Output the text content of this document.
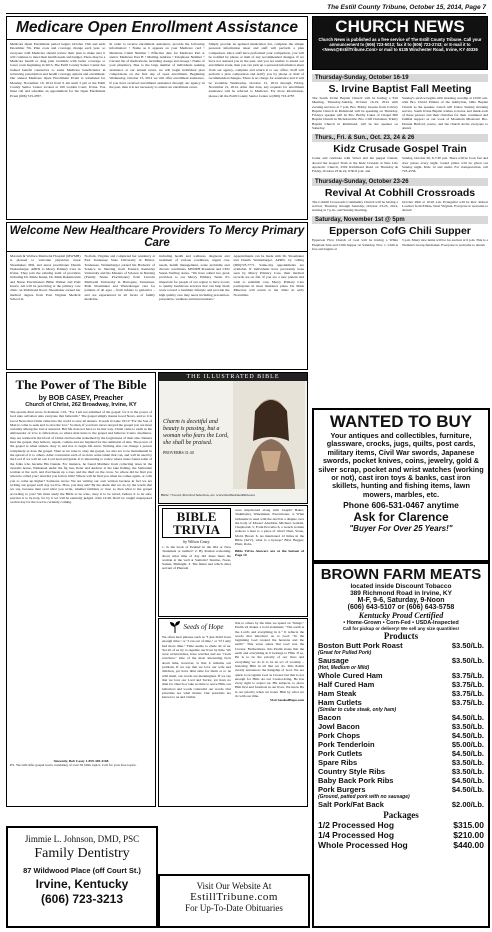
The Estill County Tribune, October 15, 2014, Page 7
Medicare Open Enrollment Assistance
Medicare Open Enrollment period begins October 15th and ends December 7th. Plan costs and coverage change each year, so everyone with Medicare should review their plan to make sure it will continue to meet their health needs and budget. There may be a Medicare health or drug plan available with better coverage or lower costs beginning in 2015. The Estill County Senior Center has trained benefit counselors to assist Medicare beneficiaries in reviewing prescription and health coverage options and enrollment. Our annual Medicare Open Enrollment Event is scheduled for Monday, November 10, 2014 from 9 am until 3 pm at the Estill County Senior Center located at 100 Golden Court, Irvine. You must call and schedule an appointment for the Open Enrollment Event (606) 723-4787.
In order to receive enrollment assistance, provide the following information: • Name as it appears on your Medicare card • Medicare Claim Number • Effective date for Medicare Part A and/or Medicare Part B • Mailing Address • Telephone Number • Current list of medications, including dosage and dosage • Name of your pharmacy. Due to the large number of individuals seeking assistance at our annual event, we will begin individual plan comparisons on the first day of open enrollment. Beginning Wednesday, October 15, 2014 we will offer enrollment assistance. If you have received enrollment assistance through our agency in the past, then it is not necessary to attend our enrollment event.
Simply provide an updated medication list, complete the simple personal information sheet and staff will perform a plan comparison. Once staff have performed your comparison, you will be notified by phone or mail of any recommended changes. If we have not assisted you in the past, and you are unable to attend our enrollment event, then you can pick up a personal information sheet from our agency, complete and return it to our office. Staff will perform a plan comparison and notify you by phone or mail of recommended changes. There is no charge for assistance and it will be available Wednesday, October 15, 2014 through Friday, November 21, 2014. After that date, any requests for enrollment assistance will be referred to Medicare. For more information, please call the Estill County Senior Center at (606) 723-4787.
Welcome New Healthcare Providers To Mercy Primary Care
Marcum & Wallace Memorial Hospital (MWMH) is pleased to welcome physician Jonal Shoemaker, MD, and nurse practitioner Dustin Wattenbarger, APRN to Mercy Primary Care in Irvine. They join the existing team of providers including Dr. Marie Kunzi, Dr. Mark Rakamcanin and Nurse Practitioners Billie Walker and Patti Isaacs. All will be practicing at the primary care clinic on Richmond Road. Shoemaker earned her medical degree from East Virginia Medical School in
Norfolk, Virginia and completed her residency at East Tennessee State University in Bristol, Tennessee. Wattenbarger earned his Bachelor of Science in Nursing from Eastern Kentucky University and his Masters of Science in Nursing (Family Nurse Practitioner) from Lincoln Memorial University in Harrogate, Tennessee. Both Shoemaker and Wattenbarger care for patients of all ages – from infants to geriatrics – and are experienced in all facets of family medicine,
including health and wellness, diagnosis and treatment of various conditions, urgent care needs, health management, acute problems and chronic conditions. MWMH President and CEO Susan Starling states, "We have added two great providers to our Mercy Primary Team. It's important for people of our region to have access to quality healthcare services that can help them work toward a healthier lifestyle and provide the high quality care they need, including prevention, preventive, wellness and interventions."
Appointments can be made with Dr. Shoemaker and Dustin Wattenbarger, APRN, by calling (606)723-7771. Same-day appointments are available. If individuals have previously been seen by Mercy Primary Care, their medical records are on file. If you are a new patient and wish to establish care, Mercy Primary Care participates in most insurance plans. Dr. Mark Pilkerton will return to the clinic in early November.
The Power of The Bible
by BOB CASEY, Preacher
Church of Christ, 262 Broadway, Irvine, KY
The apostle Paul wrote in Romans 1:16, "For I am not ashamed of the gospel: for it is the power of God unto salvation unto everyone that believeth." The gospel simply means Good News, and so it is Good News that Christ came into the world to save all sinners. It reads in Luke 19:10 "For the Son of Man is come to seek and to save the lost." So then, if you have never obeyed the gospel you are most certainly among the lost or unsaved. But life does not have to be that way. Christ came to earth as the ambassador of love to fallen man, so where man turns to the gospel and believes it unto obedience, they are washed in the blood of Christ and become redeemed by the forgiveness of their sins. Sinners hear the gospel, they believe, repent, confess and are baptized for the remission of sins. The power of the gospel is when sinners obey it, and rise to begin life anew. Nothing else can change a person completely as does the gospel. Then as we raise to obey the gospel, we also are to be instrumental in the spread of it to others. After conversion each of us have some talent that can, and will be used by the Lord if we will let our Lord lead and guide. It is interesting to notice where Jesus found some of the folks who became His friends. For instance, he found Matthew from collecting taxes in the customs house, Nathanael under the fig tree, Peter and Andrew at the lake fishing, the Samaritan woman at the well, and Zacchaeus up a tree, and the thief on the cross. So where did he find you when he called you? And did you follow him? Where will he find you when he comes again, or calls you to come up higher? Someone wrote: We are writing our own version because in fact we are writing our gospel each day we live. How, you may ask? By the deeds that we do, by the words that we say, because men read what you write, whether faithless or true: so then what is the gospel according to you? We must study the Bible to be wise, obey it to be saved, believe it to be safe, practice it to be holy, for by it we will be eternally judged. John 12:48. Don't be caught unprepared on that day for the Lord is certainly coming.
Sincerely, Bob Casey 1-859-369-4168
P.S. We still offer gospel tracts consisting of over 50 bible topics. Call for your free topics.
THE ILLUSTRATED BIBLE
Charm is deceitful and beauty is passing, but a woman who fears the Lord, she shall be praised.
PROVERBS 31:30
Bible • Sword, Practical Selection, etc. www.theillustratedbible.net
BIBLE TRIVIA
by Wilson Casey
1. Is the book of Ezekiel in the Old or New Testament or neither? 2. By Roman reckoning, about what time of day did Jesus meet the woman at the well at Samaria? Sunrise, Noon, Sunset, Midnight. 3. The father and which other servant of Pharaoh
were imprisoned along with Joseph? Baker, Taskmaster, Winemaker, Executioner. 4. What nickname is used with the devil in a dispute over the body of Moses? Abaddon, Michael, Gabriel, Chephorah. 5. From Proverbs 6, a wench woman reduces a man to a piece of what? Dust, Stone, Mold, Bread. 6. As mentioned 12 times in the Bible (KJV), what is a hyssop? Bird, Beggar, Plant, Robe.
Bible Trivia Answers are at the bottom of Page 10
Seeds of Hope
We often hear phrases such as "I just didn't have enough time," or "I ran out of time," or "If I only had more time." Time seems to elude all of us. Yet all of us try to regulate our lives by time. We wear wristwatches, have watches and are "clock watchers." One of the most interesting facts about time, however, is that it remains our problem. If we say that we love our wife and children, yet have little time for them or to be with them, our words are meaningless. If we say that we love our Lord and Savior, yet have no time for church or take no time to serve Him, our behaviors and words contradict our words. Our priorities are what matter. Our priorities are known to us and visible
ible to others by the time we spend on "things." Psalm 24 makes a bold statement: "The earth is the Lord's and everything in it." It reflects the words that introduce us to God: "In the beginning God created the heavens and the earth!" This verse states that God was the Creator. Furthermore, this Psalm states that the earth and everything in it belongs to Him. If so, He is to be the priority of our lives and everything we do is to be an act of worship – honoring Him in all that we do. This Psalm clearly announces the Kingship of God. We are quick to recognize God as Creator but that is not enough for Him. As our Creator-King, He has every right to expect us, His subjects, to place Him first and foremost in our lives. We know He is our priority when we honor Him by what we do with our time.
Visit SeedsofHope.com
Visit Our Website At
EstillTribune.com
For Up-To-Date Obituaries
Jimmie L. Johnson, DMD, PSC
Family Dentistry
87 Wildwood Place (off Court St.)
Irvine, Kentucky
(606) 723-3213
CHURCH NEWS
Church News is published as a free service of The Estill County Tribune. Call your announcement to (606) 723-5012; fax it to (606) 723-2743; or E-mail it to <News@EstillTribune.Com> or mail to 6135 Winchester Road, Irvine, KY 40336
Thursday-Sunday, October 16-19
S. Irvine Baptist Fall Meeting
The South Irvine Baptist Church will be having a Fall Meeting, Thursday-Sunday, October 16-19, 2014 with evening services at 7 p.m. Bro. Bobby Greene from Calvary Baptist Church in Richmond will be speaking on Thursday. Friday's speaker will be Bro. Bobby Lakes of Chapel Hill Baptist Church in Nicholasville. Bro. Cliff Chrisman, Trinity Baptist Church in Richmond, will be the speaker on Saturday.
Sunday's service begins with morning worship at 10:00 a.m. with Bro. David Pitman of the Ashbytton, Ohio Baptist Church as the speaker. Lunch will follow Sunday morning service. South Irvine Baptist wishes to honor and thank each of these pastors and their churches for their continued and faithful support as our work of Mountain Missions! Bro. Donnie Burford, pastor, and the church invite everyone to attend.
Thurs., Fri. & Sun., Oct. 23, 24 & 26
Kidz Crusade Gospel Train
Come and celebrate with Velori and his puppet friends, aboard the Gospel Train at the Kidz Crusade at New Life Apostolic Church, 2502 Richmond Road on Thursday & Friday, October 23 & 24, 6:30-8 p.m. and
Sunday, October 26, 6-7:30 p.m. There will be food, fun and door prizes every night. Grand prizes will be given out Sunday night. Kids 12 and under. For transportation, call 723-4558.
Thursday-Sunday, October 23-26
Revival At Cobhill Crossroads
The Cobhill Crossroads Community Church will be having a revival, Thursday through Saturday, October 23-25, 2014, starting at 7 p.m., and Sunday morning,
October 26th at 10:45 a.m. Evangelist will be Rev. Robert Lowther from Ellisia, West Virginia. Everyone is welcome to attend!
Saturday, November 1st @ 5pm
Epperson CofG Chili Supper
Epperson First Church of God will be having a White Elephant Sale and Chili Supper on Saturday, Nov. 1. Chili is free and begins at
5 p.m. Many nice items will be for auction at 6 p.m. This is a Women's Group fundraiser. Everyone is welcome to attend.
WANTED TO BUY
Your antiques and collectibles, furniture, glassware, crocks, jugs, quilts, post cards, military items, Civil War swords, Japanese swords, pocket knives, coins, jewelry, gold & silver scrap, pocket and wrist watches (working or not), cast iron toys & banks, cast iron skillets, hunting and fishing items, lawn mowers, marbles, etc.
Phone 606-531-0467 anytime
Ask for Clarence
"Buyer For Over 25 Years!"
BROWN FARM MEATS
located inside Discount Tobacco
389 Richmond Road in Irvine, KY
M-F, 9-6, Saturday, 9-Noon
(606) 643-5107 or (606) 643-5758
Kentucky Proud Certified
• Home-Grown • Corn-Fed • USDA-Inspected
Call for pickup or delivery! We sell any size quantities!
Products
Boston Butt Pork Roast	$3.50/Lb.
(Great for Pulled Pork)
Sausage	$3.50/Lb.
(Hot, Medium or Mild)
Whole Cured Ham	$3.75/Lb.
Half Cured Ham	$3.75/Lb.
Ham Steak	$3.75/Lb.
Ham Cutlets	$3.75/Lb.
(Similar to cube steak, only ham)
Bacon	$4.50/Lb.
Jowl Bacon	$3.50/Lb.
Pork Chops	$4.50/Lb.
Pork Tenderloin	$5.00/Lb.
Pork Cutlets	$4.50/Lb.
Spare Ribs	$3.50/Lb.
Country Style Ribs	$3.50/Lb.
Baby Back Pork Ribs	$4.50/Lb.
Pork Burgers	$4.50/Lb.
(Ground, patted pork with no sausage)
Salt Pork/Fat Back	$2.00/Lb.
Packages
1/2 Processed Hog	$315.00
1/4 Processed Hog	$210.00
Whole Processed Hog	$440.00
